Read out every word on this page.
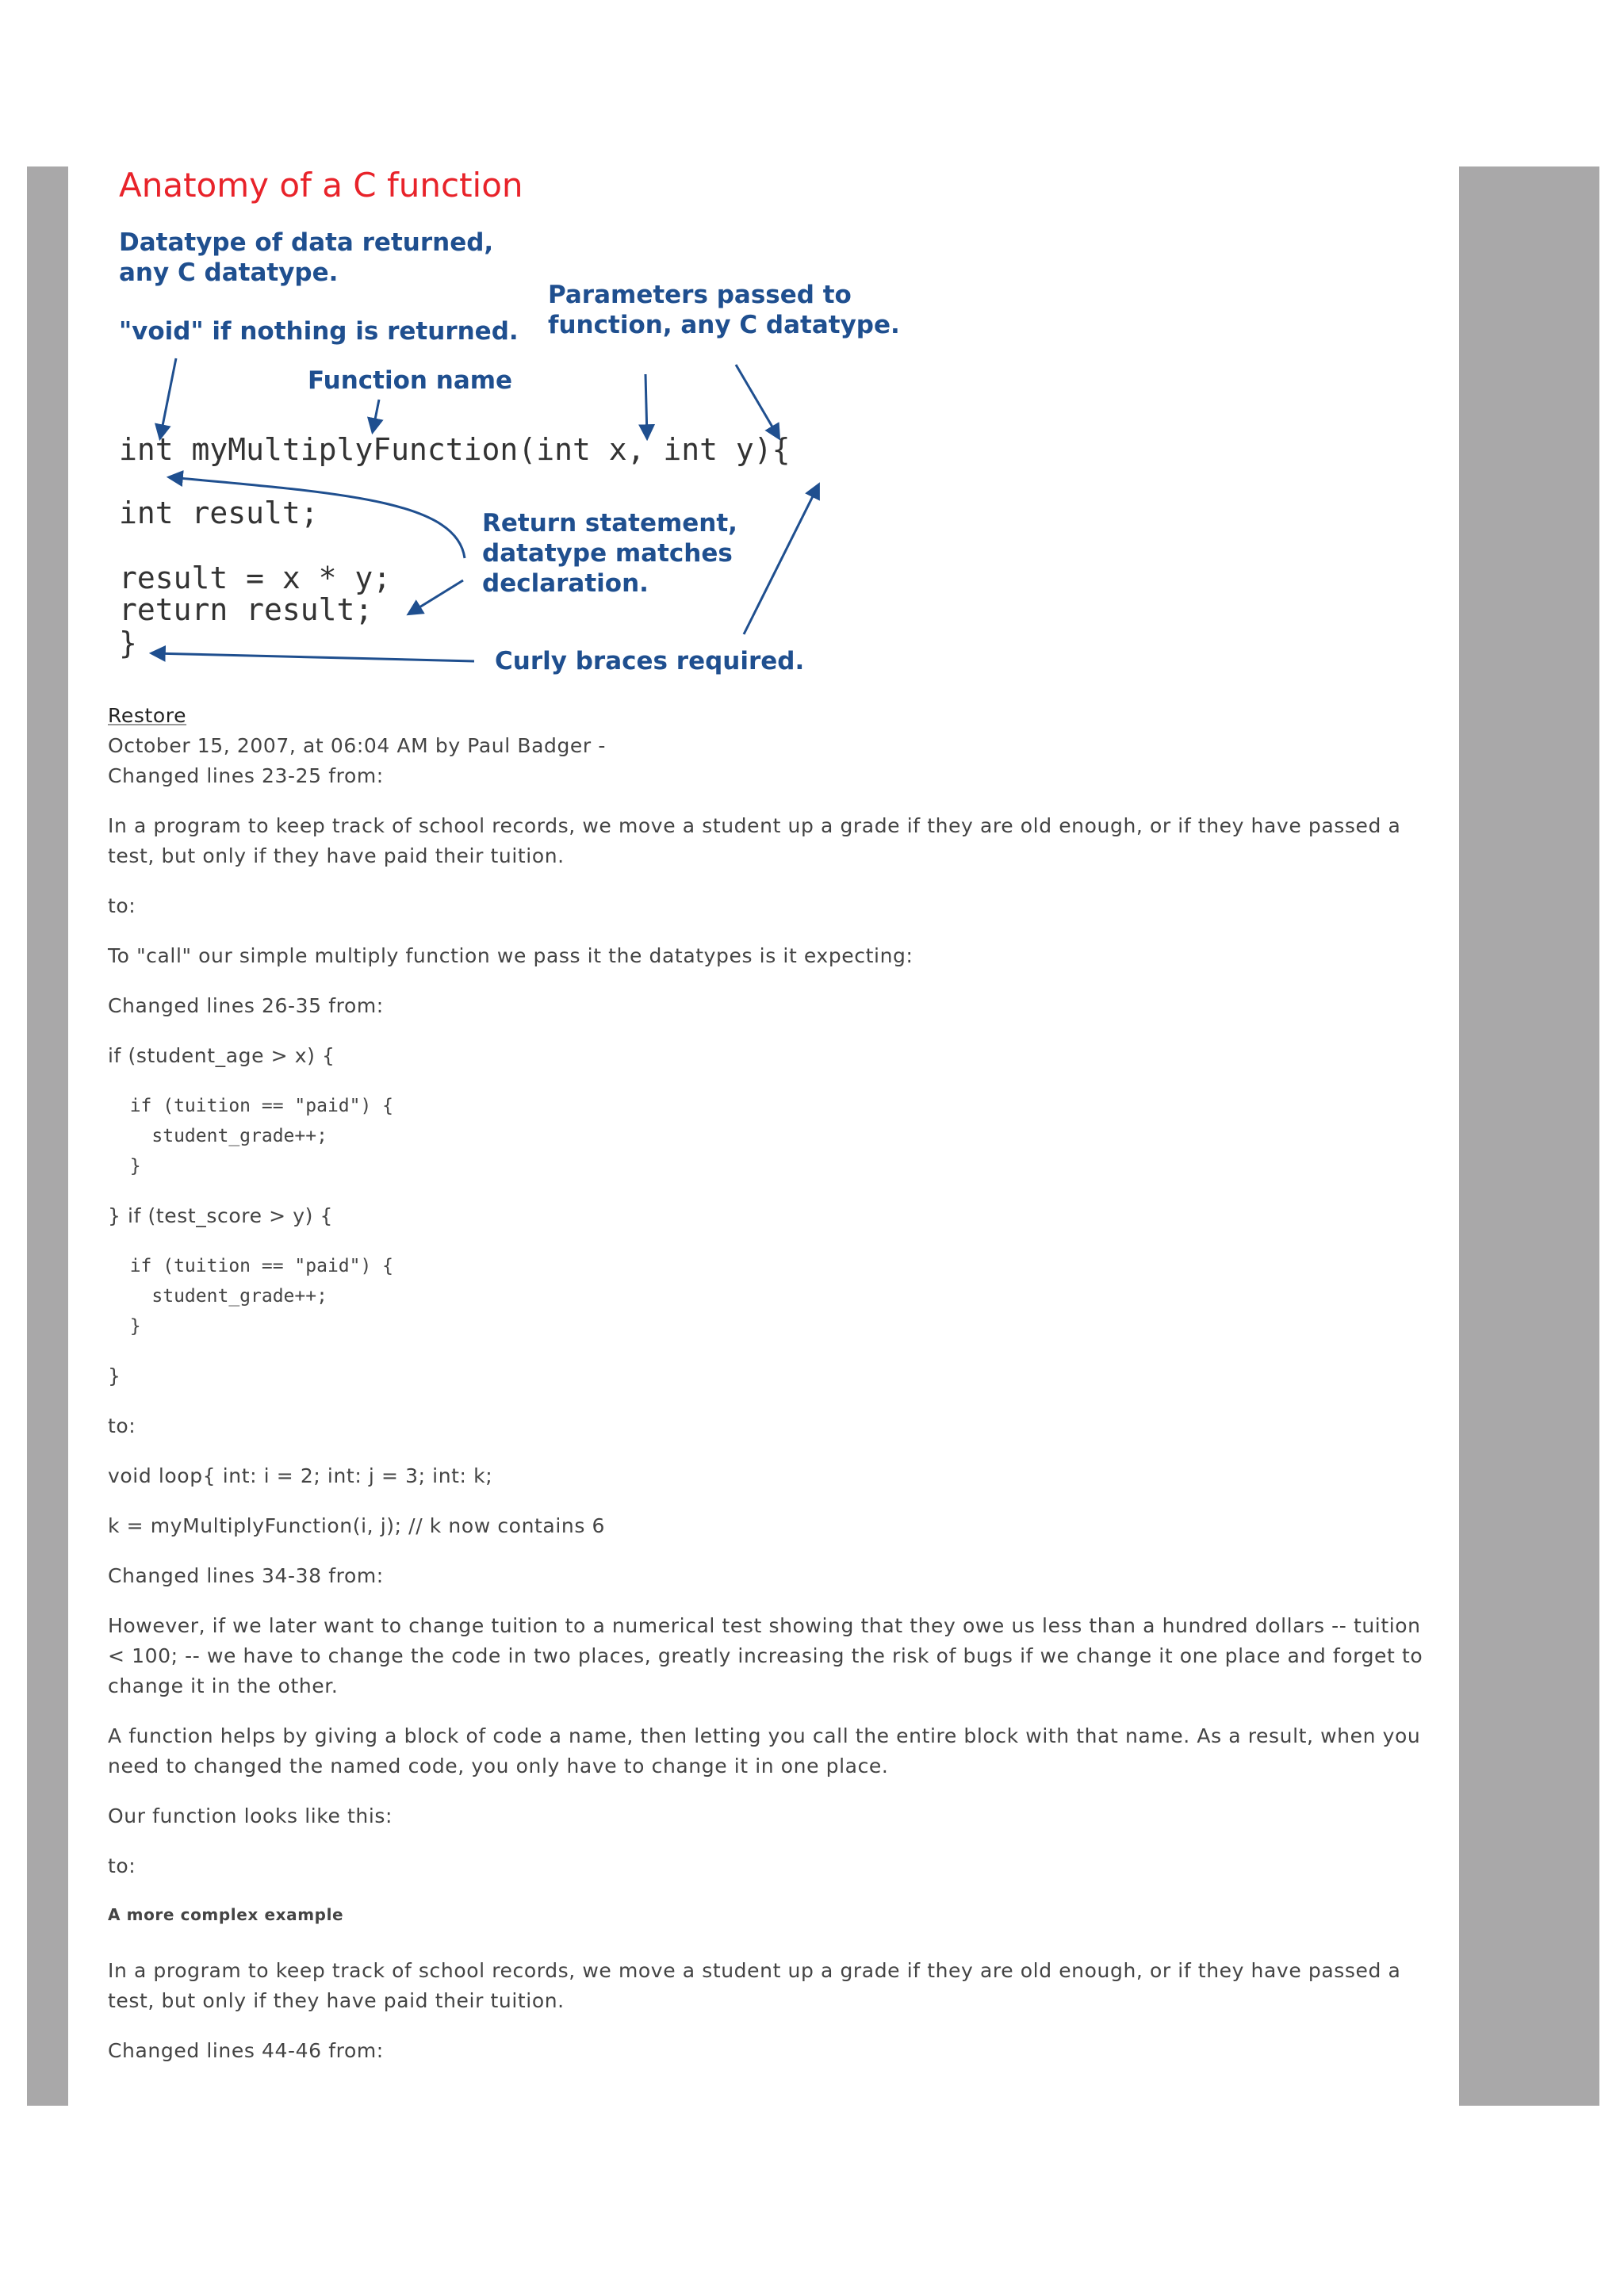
Anatomy of a C function
Datatype of data returned,
any C datatype.
"void" if nothing is returned.
Parameters passed to
function, any C datatype.
Function name
Return statement,
datatype matches
declaration.
Curly braces required.
int myMultiplyFunction(int x, int y){
int result;
result = x * y;
return result;
}

Restore

October 15, 2007, at 06:04 AM by Paul Badger -

Changed lines 23-25 from:

In a program to keep track of school records, we move a student up a grade if they are old enough, or if they have passed a test, but only if they have paid their tuition.

to:

To "call" our simple multiply function we pass it the datatypes is it expecting:

Changed lines 26-35 from:

if (student_age > x) {

if (tuition == "paid") {
student_grade++;
}

} if (test_score > y) {

if (tuition == "paid") {
student_grade++;
}

}

to:

void loop{ int: i = 2; int: j = 3; int: k;

k = myMultiplyFunction(i, j); // k now contains 6

Changed lines 34-38 from:

However, if we later want to change tuition to a numerical test showing that they owe us less than a hundred dollars -- tuition < 100; -- we have to change the code in two places, greatly increasing the risk of bugs if we change it one place and forget to change it in the other.

A function helps by giving a block of code a name, then letting you call the entire block with that name. As a result, when you need to changed the named code, you only have to change it in one place.

Our function looks like this:

to:

A more complex example

In a program to keep track of school records, we move a student up a grade if they are old enough, or if they have passed a test, but only if they have paid their tuition.

Changed lines 44-46 from:
